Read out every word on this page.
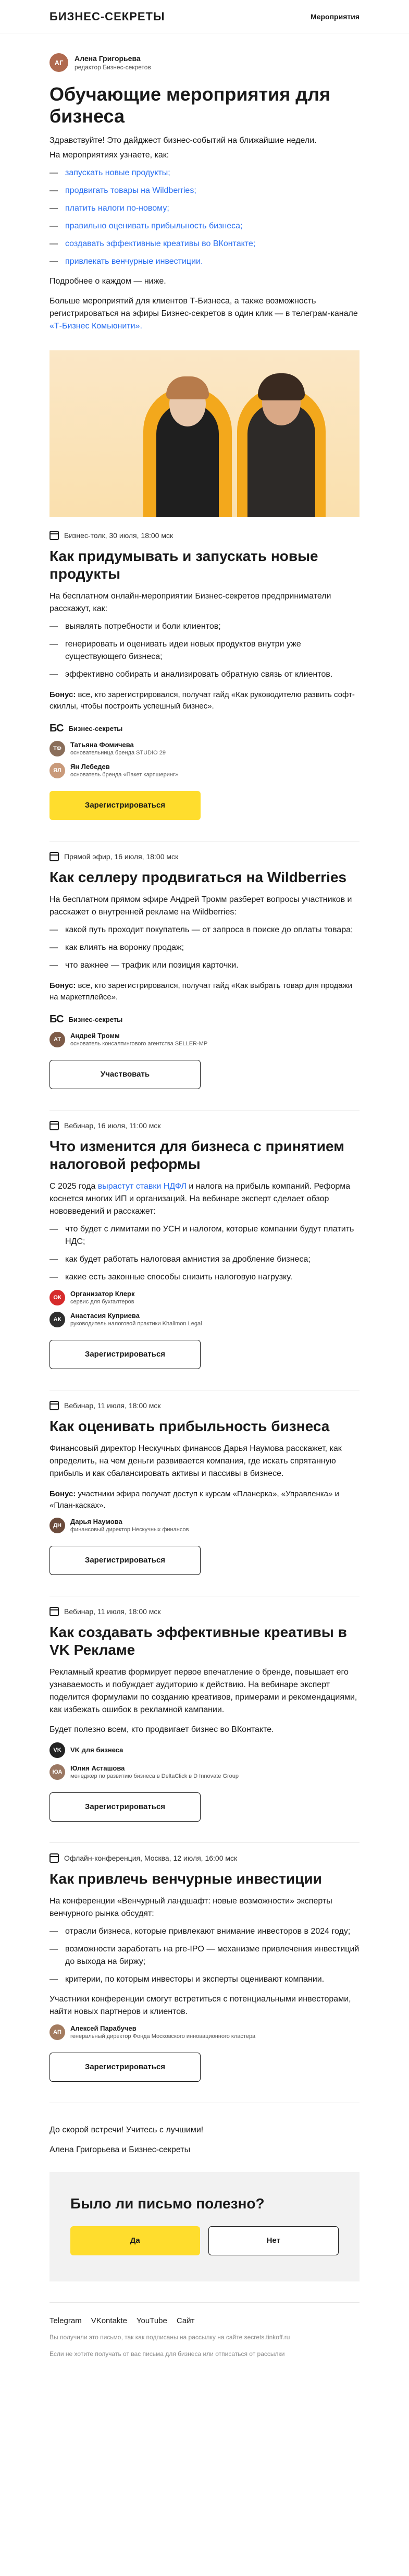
БИЗНЕС-СЕКРЕТЫ	Мероприятия
АГ	Алена Григорьева
редактор Бизнес-секретов
Обучающие мероприятия для бизнеса

Здравствуйте! Это дайджест бизнес-событий на ближайшие недели.

На мероприятиях узнаете, как:

— запускать новые продукты;
— продвигать товары на Wildberries;
— платить налоги по-новому;
— правильно оценивать прибыльность бизнеса;
— создавать эффективные креативы во ВКонтакте;
— привлекать венчурные инвестиции.

Подробнее о каждом — ниже.

Больше мероприятий для клиентов Т-Бизнеса, а также возможность регистрироваться на эфиры Бизнес-секретов в один клик — в телеграм-канале «Т-Бизнес Комьюнити».

Бизнес-толк, 30 июля, 18:00 мск
Как придумывать и запускать новые продукты

На бесплатном онлайн-мероприятии Бизнес-секретов предприниматели расскажут, как:

— выявлять потребности и боли клиентов;
— генерировать и оценивать идеи новых продуктов внутри уже существующего бизнеса;
— эффективно собирать и анализировать обратную связь от клиентов.

Бонус: все, кто зарегистрировался, получат гайд «Как руководителю развить софт-скиллы, чтобы построить успешный бизнес».

БС Бизнес-секреты
ТФ	Татьяна Фомичева
основательница бренда STUDIO 29
ЯЛ	Ян Лебедев
основатель бренда «Пакет карпшеринг»
Зарегистрироваться
Прямой эфир, 16 июля, 18:00 мск
Как селлеру продвигаться на Wildberries

На бесплатном прямом эфире Андрей Тромм разберет вопросы участников и расскажет о внутренней рекламе на Wildberries:

— какой путь проходит покупатель — от запроса в поиске до оплаты товара;
— как влиять на воронку продаж;
— что важнее — трафик или позиция карточки.

Бонус: все, кто зарегистрировался, получат гайд «Как выбрать товар для продажи на маркетплейсе».

БС Бизнес-секреты
АТ	Андрей Тромм
основатель консалтингового агентства SELLER-MP
Участвовать
Вебинар, 16 июля, 11:00 мск
Что изменится для бизнеса с принятием налоговой реформы

С 2025 года вырастут ставки НДФЛ и налога на прибыль компаний. Реформа коснется многих ИП и организаций. На вебинаре эксперт сделает обзор нововведений и расскажет:

— что будет с лимитами по УСН и налогом, которые компании будут платить НДС;
— как будет работать налоговая амнистия за дробление бизнеса;
— какие есть законные способы снизить налоговую нагрузку.
ОК	Организатор Клерк
сервис для бухгалтеров
АК	Анастасия Куприева
руководитель налоговой практики Khalimon Legal
Зарегистрироваться
Вебинар, 11 июля, 18:00 мск
Как оценивать прибыльность бизнеса

Финансовый директор Нескучных финансов Дарья Наумова расскажет, как определить, на чем деньги развивается компания, где искать спрятанную прибыль и как сбалансировать активы и пассивы в бизнесе.

Бонус: участники эфира получат доступ к курсам «Планерка», «Управленка» и «План-касках».

ДН	Дарья Наумова
финансовый директор Нескучных финансов
Зарегистрироваться
Вебинар, 11 июля, 18:00 мск
Как создавать эффективные креативы в VK Рекламе

Рекламный креатив формирует первое впечатление о бренде, повышает его узнаваемость и побуждает аудиторию к действию. На вебинаре эксперт поделится формулами по созданию креативов, примерами и рекомендациями, как избежать ошибок в рекламной кампании.

Будет полезно всем, кто продвигает бизнес во ВКонтакте.

VK	VK для бизнеса
ЮА	Юлия Асташова
менеджер по развитию бизнеса в DeltaClick в D Innovate Group
Зарегистрироваться
Офлайн-конференция, Москва, 12 июля, 16:00 мск
Как привлечь венчурные инвестиции

На конференции «Венчурный ландшафт: новые возможности» эксперты венчурного рынка обсудят:

— отрасли бизнеса, которые привлекают внимание инвесторов в 2024 году;
— возможности заработать на pre-IPO — механизме привлечения инвестиций до выхода на биржу;
— критерии, по которым инвесторы и эксперты оценивают компании.

Участники конференции смогут встретиться с потенциальными инвесторами, найти новых партнеров и клиентов.

АП	Алексей Парабучев
генеральный директор Фонда Московского инновационного кластера
Зарегистрироваться

До скорой встречи! Учитесь с лучшими!

Алена Григорьева и Бизнес-секреты

Было ли письмо полезно?
Да	Нет
Telegram VKontakte YouTube Сайт

Вы получили это письмо, так как подписаны на рассылку на сайте secrets.tinkoff.ru

Если не хотите получать от вас письма для бизнеса или отписаться от рассылки
